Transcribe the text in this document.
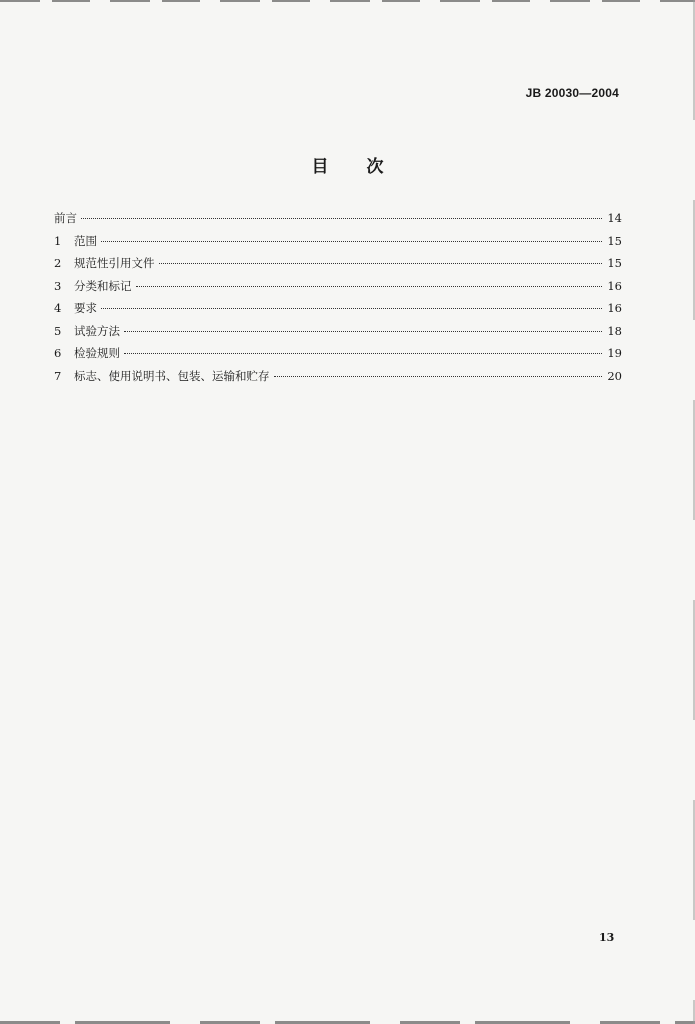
JB 20030—2004
目 次
前言	14
1	范围	15
2	规范性引用文件	15
3	分类和标记	16
4	要求	16
5	试验方法	18
6	检验规则	19
7	标志、使用说明书、包装、运输和贮存	20
13
